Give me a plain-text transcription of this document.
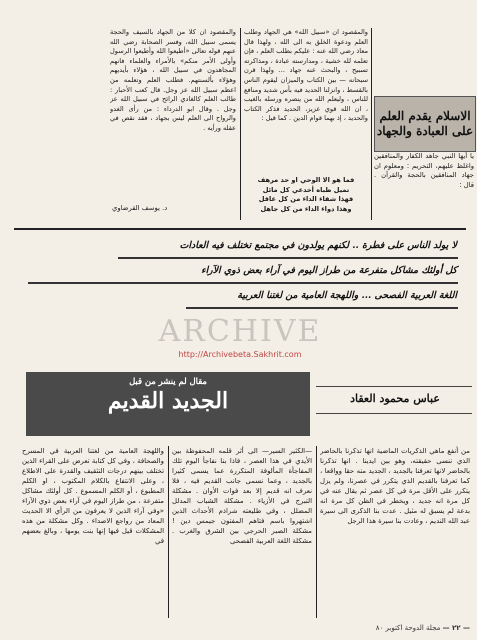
الاسلام يقدم العلم على العبادة والجهاد

يا أيها النبي جاهد الكفار والمنافقين واغلظ عليهم، التحريم : ومعلوم ان جهاد المنافقين بالحجة والقرآن . قال :

والمقصود ان «سبيل الله» هي الجهاد وطلب العلم ودعوة الخلق به الى الله ، ولهذا قال معاذ رضي الله عنه : عليكم بطلب العلم ، فإن تعلمه لله خشية ، ومدارسته عبادة ، ومذاكرته تسبيح ، والبحث عنه جهاد ... ولهذا قرن سبحانه — بين الكتاب والميزان ليقوم الناس بالقسط ، وانزلنا الحديد فيه بأس شديد ومنافع للناس ، وليعلم الله من ينصره ورسله بالغيب ، ان الله قوي عزيز، الحديد فذكر الكتاب والحديد ، إذ بهما قوام الدين . كما قيل :

فما هو الا الوحي او حد مرهف
تميل ظباه أخدعي كل مائل
فهذا شفاء الداء من كل عاقل
وهذا دواء الداء من كل جاهل

والمقصود ان كلا من الجهاد بالسيف والحجة يسمى سبيل الله، وفسر الصحابة رضي الله عنهم قوله تعالى «أطيعوا الله وأطيعوا الرسول وأولى الأمر منكم» بالأمراء والعلماء فانهم المجاهدون في سبيل الله ، هؤلاء بأيديهم وهؤلاء بألسنتهم. فطلب العلم وتعلمه من اعظم سبيل الله عز وجل. قال كعب الأحبار : طالب العلم كالغادي الرائح في سبيل الله عز وجل . وقال ابو الدرداء : من رأى الغدو والرواح الى العلم ليس بجهاد ، فقد نقص في عقله ورأيه .

د. يوسف القرضاوي
لا يولد الناس على فطرة .. لكنهم يولدون في مجتمع تختلف فيه العادات
كل أولئك مشاكل متفرعة من طراز اليوم في آراء بعض ذوي الآراء
اللغة العربية الفصحى ... واللهجة العامية من لغتنا العربية
ARCHIVE
http://Archivebeta.Sakhrit.com
مقال لم ينشر من قبل
الجديد القديم	عباس محمود العقاد

من أنفع ماهي الذكريات الماضية انها تذكرنا بالحاضر الذي ننسى حقيقته، وهو بين ايدينا . انها تذكرنا بالحاضر لانها تعرفنا بالجديد ، الجديد منه حقا وواقعا ، كما تعرفنا بالقديم الذي يتكرر في عصرنا، ولم يزل يتكرر على الأقل مرة في كل عصر ثم يقال عنه في كل مرة انه جديد ، ويخطر في الظن كل مرة انه بدعة لم يسبق له مثيل . عدت بنا الذكرى الى سيرة عبد الله النديم ، وعادت بنا سيرة هذا الرجل

—الكثير السير— الى أثر قلمه المحفوظة بين الأيدي في هذا العصر ، فاذا بنا نفاجأ اليوم تلك المفاجأة المألوفة المتكررة عما يسمى كثيرا بالجديد ، وعما نسمى جانب القديم فيه ، فلا نعرف انه قديم إلا بعد فوات الأوان . مشكلة التبرج في الأزياء . مشكلة الشباب المدلل المضلل ، وفي طليعته شراذم الأحداث الذين اشتهروا باسم فتاهم المفتون جيمس دين ! مشكلة الصبر الحرجي بين الشرق والغرب . مشكلة اللغة العربية الفصحى

واللهجة العامية من لغتنا العربية في المسرح والصحافة ، وفي كل كتابة تعرض على القراء الذين تختلف بينهم درجات التثقيف والقدرة على الاطلاع ، وعلى الانتفاع بالكلام المكتوب ، او الكلم المطبوع ، أو الكلم المسموع . كل أولئك مشاكل متفرعة ، من طراز اليوم في آراء بعض ذوي الآراء «وفي آراء الذين لا يعرفون من الرأي الا الحديث المعاد من رواجع الاصداء . وكل مشكلة من هذه المشكلات قيل فيها إنها بنت يومها ، وبالغ بعضهم في

— ٢٢ — مجلة الدوحة اكتوبر ٨٠
